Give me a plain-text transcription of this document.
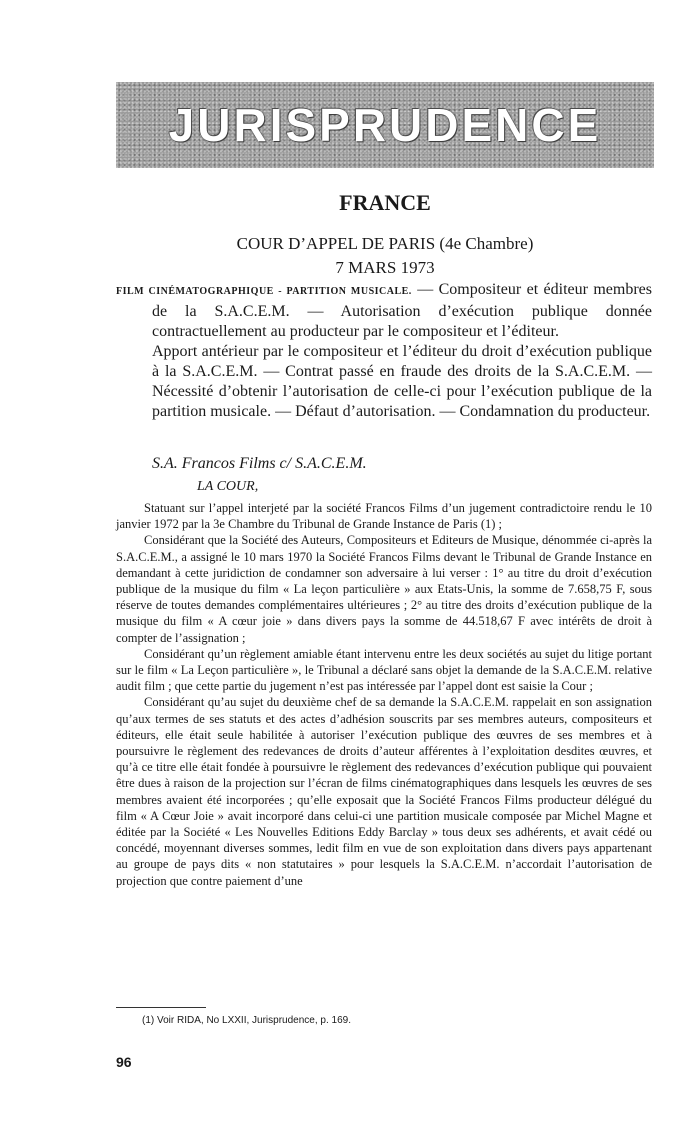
JURISPRUDENCE
FRANCE
COUR D’APPEL DE PARIS (4e Chambre)
7 MARS 1973

FILM CINÉMATOGRAPHIQUE - PARTITION MUSICALE. — Compositeur et éditeur membres de la S.A.C.E.M. — Autorisation d’exécution publique donnée contractuellement au producteur par le compositeur et l’éditeur.

Apport antérieur par le compositeur et l’éditeur du droit d’exécution publique à la S.A.C.E.M. — Contrat passé en fraude des droits de la S.A.C.E.M. — Nécessité d’obtenir l’autorisation de celle-ci pour l’exécution publique de la partition musicale. — Défaut d’autorisation. — Condamnation du producteur.

S.A. Francos Films c/ S.A.C.E.M.
LA COUR,

Statuant sur l’appel interjeté par la société Francos Films d’un jugement contradictoire rendu le 10 janvier 1972 par la 3e Chambre du Tribunal de Grande Instance de Paris (1) ;

Considérant que la Société des Auteurs, Compositeurs et Editeurs de Musique, dénommée ci-après la S.A.C.E.M., a assigné le 10 mars 1970 la Société Francos Films devant le Tribunal de Grande Instance en demandant à cette juridiction de condamner son adversaire à lui verser : 1° au titre du droit d’exécution publique de la musique du film « La leçon particulière » aux Etats-Unis, la somme de 7.658,75 F, sous réserve de toutes demandes complémentaires ultérieures ; 2° au titre des droits d’exécution publique de la musique du film « A cœur joie » dans divers pays la somme de 44.518,67 F avec intérêts de droit à compter de l’assignation ;

Considérant qu’un règlement amiable étant intervenu entre les deux sociétés au sujet du litige portant sur le film « La Leçon particulière », le Tribunal a déclaré sans objet la demande de la S.A.C.E.M. relative audit film ; que cette partie du jugement n’est pas intéressée par l’appel dont est saisie la Cour ;

Considérant qu’au sujet du deuxième chef de sa demande la S.A.C.E.M. rappelait en son assignation qu’aux termes de ses statuts et des actes d’adhésion souscrits par ses membres auteurs, compositeurs et éditeurs, elle était seule habilitée à autoriser l’exécution publique des œuvres de ses membres et à poursuivre le règlement des redevances de droits d’auteur afférentes à l’exploitation desdites œuvres, et qu’à ce titre elle était fondée à poursuivre le règlement des redevances d’exécution publique qui pouvaient être dues à raison de la projection sur l’écran de films cinématographiques dans lesquels les œuvres de ses membres avaient été incorporées ; qu’elle exposait que la Société Francos Films producteur délégué du film « A Cœur Joie » avait incorporé dans celui-ci une partition musicale composée par Michel Magne et éditée par la Société « Les Nouvelles Editions Eddy Barclay » tous deux ses adhérents, et avait cédé ou concédé, moyennant diverses sommes, ledit film en vue de son exploitation dans divers pays appartenant au groupe de pays dits « non statutaires » pour lesquels la S.A.C.E.M. n’accordait l’autorisation de projection que contre paiement d’une

(1) Voir RIDA, No LXXII, Jurisprudence, p. 169.
96
